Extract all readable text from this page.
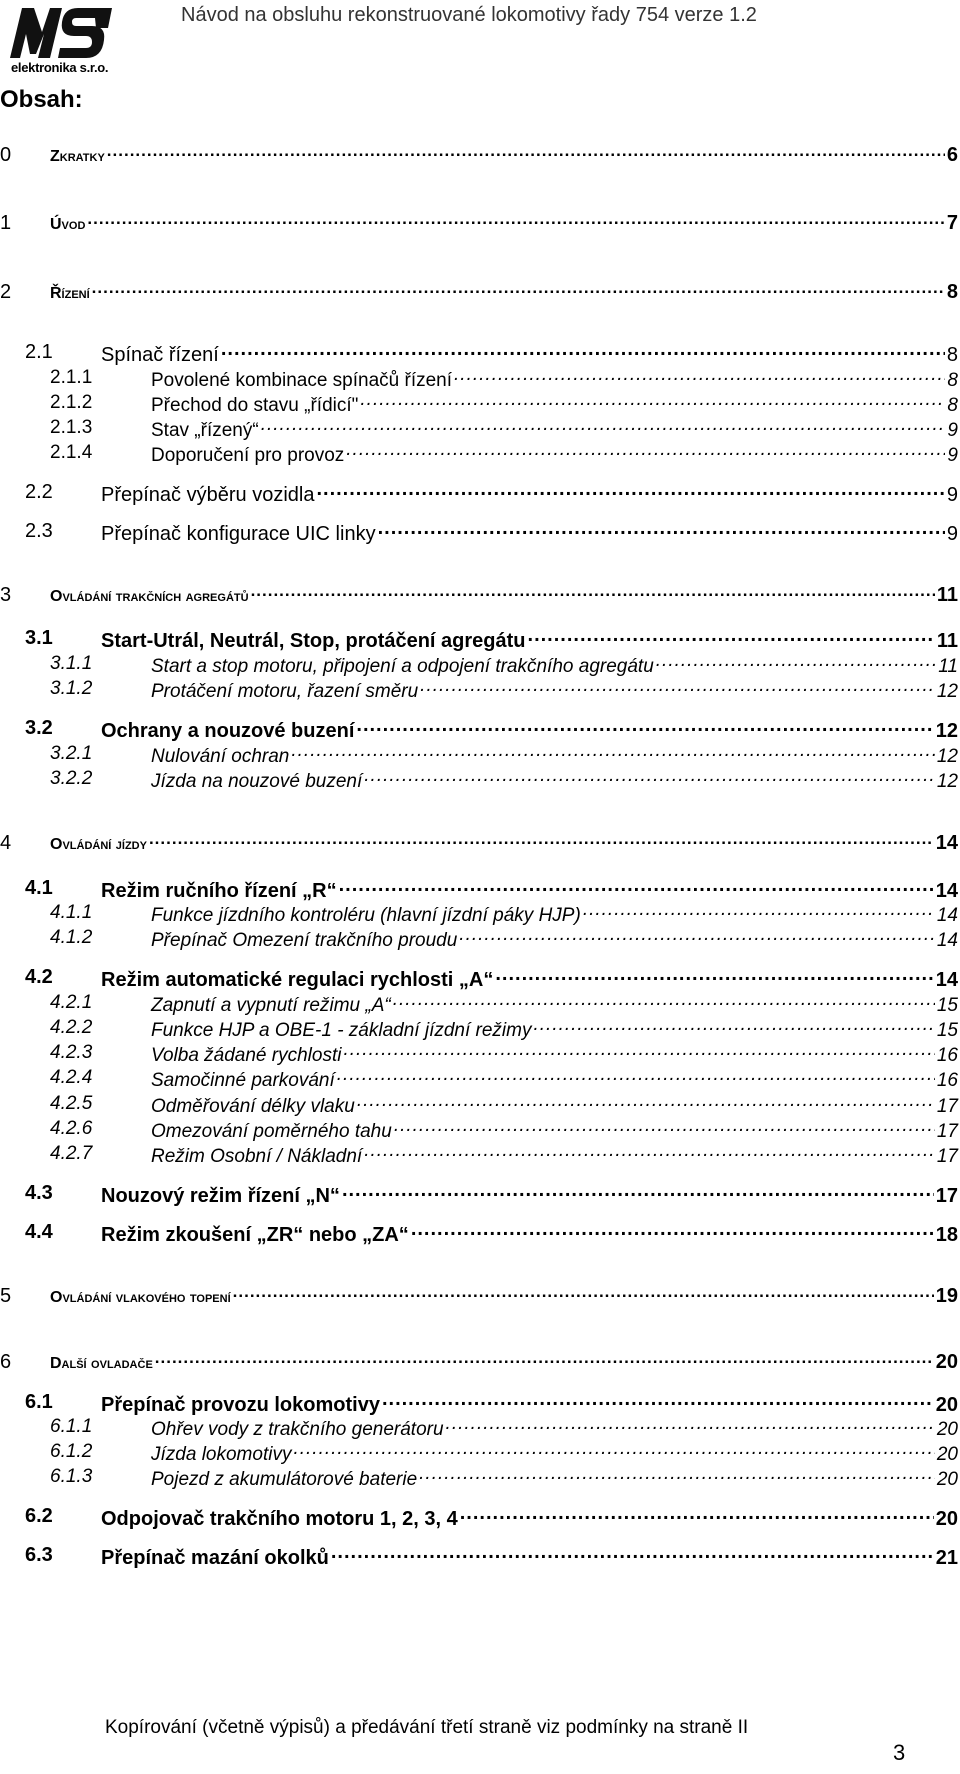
elektronika s.r.o.
Návod na obsluhu rekonstruované lokomotivy řady 754 verze 1.2
Obsah:
0 Zkratky .....	6
1 Úvod .....	7
2 Řízení .....	8
2.1 Spínač řízení .....	8
2.1.1	Povolené kombinace spínačů řízení .....	8
2.1.2	Přechod do stavu „řídicí" .....	8
2.1.3	Stav „řízený“ .....	9
2.1.4	Doporučení pro provoz .....	9
2.2 Přepínač výběru vozidla .....	9
2.3 Přepínač konfigurace UIC linky .....	9
3 Ovládání trakčních agregátů .....	11
3.1 Start-Utrál, Neutrál, Stop, protáčení agregátu .....	11
3.1.1	Start a stop motoru, připojení a odpojení trakčního agregátu .....	11
3.1.2	Protáčení motoru, řazení směru .....	12
3.2 Ochrany a nouzové buzení .....	12
3.2.1	Nulování ochran .....	12
3.2.2	Jízda na nouzové buzení .....	12
4 Ovládání jízdy .....	14
4.1 Režim ručního řízení „R“ .....	14
4.1.1	Funkce jízdního kontroléru (hlavní jízdní páky HJP) .....	14
4.1.2	Přepínač Omezení trakčního proudu .....	14
4.2 Režim automatické regulaci rychlosti „A“ .....	14
4.2.1	Zapnutí a vypnutí režimu „A“ .....	15
4.2.2	Funkce HJP a OBE-1 - základní jízdní režimy .....	15
4.2.3	Volba žádané rychlosti .....	16
4.2.4	Samočinné parkování .....	16
4.2.5	Odměřování délky vlaku .....	17
4.2.6	Omezování poměrného tahu .....	17
4.2.7	Režim Osobní / Nákladní .....	17
4.3 Nouzový režim řízení „N“ .....	17
4.4 Režim zkoušení „ZR“ nebo „ZA“ .....	18
5 Ovládání vlakového topení .....	19
6 Další ovladače .....	20
6.1 Přepínač provozu lokomotivy .....	20
6.1.1	Ohřev vody z trakčního generátoru .....	20
6.1.2	Jízda lokomotivy .....	20
6.1.3	Pojezd z akumulátorové baterie .....	20
6.2 Odpojovač trakčního motoru 1, 2, 3, 4 .....	20
6.3 Přepínač mazání okolků .....	21
Kopírování (včetně výpisů) a předávání třetí straně viz podmínky na straně II
3
